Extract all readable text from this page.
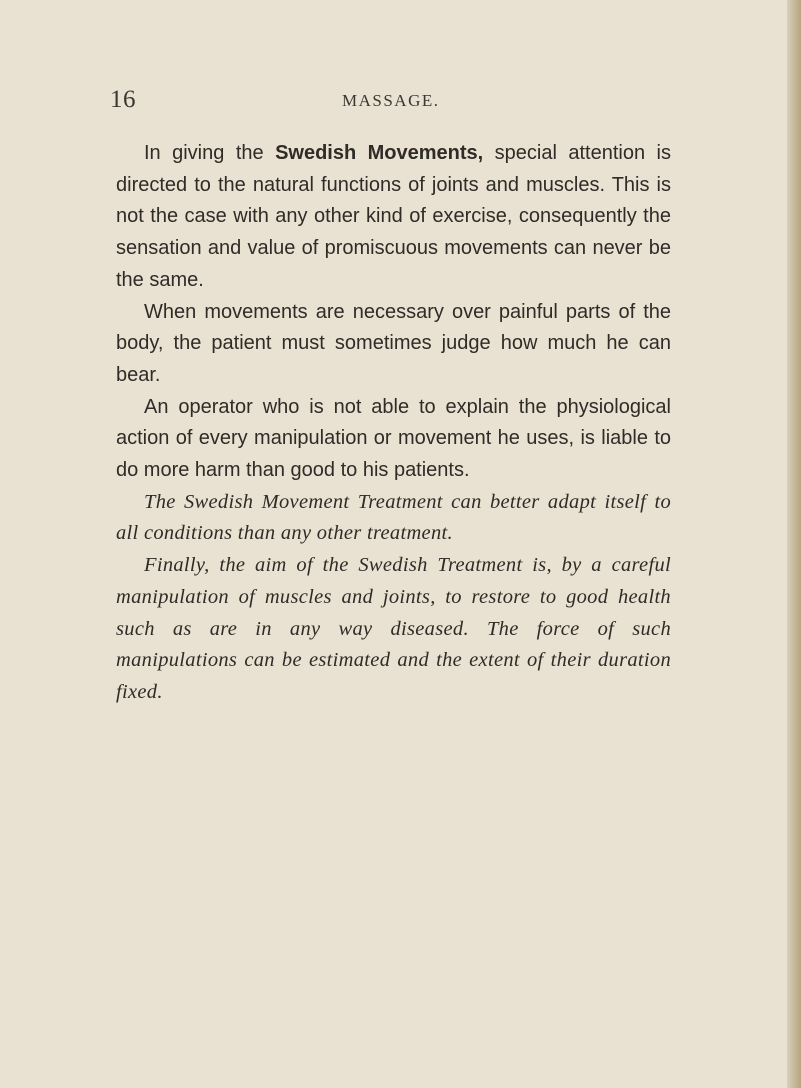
16	MASSAGE.

In giving the Swedish Movements, special attention is directed to the natural functions of joints and muscles. This is not the case with any other kind of exercise, consequently the sensation and value of promiscuous movements can never be the same.

When movements are necessary over painful parts of the body, the patient must sometimes judge how much he can bear.

An operator who is not able to explain the physiological action of every manipulation or movement he uses, is liable to do more harm than good to his patients.

The Swedish Movement Treatment can better adapt itself to all conditions than any other treatment.

Finally, the aim of the Swedish Treatment is, by a careful manipulation of muscles and joints, to restore to good health such as are in any way diseased. The force of such manipulations can be estimated and the extent of their duration fixed.
